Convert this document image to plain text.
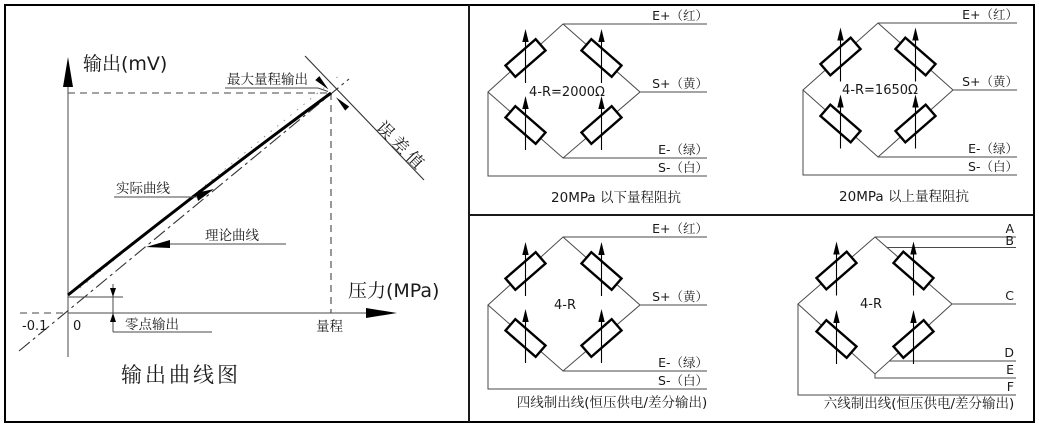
零点输出
实际曲线
理论曲线
最大量程输出
误差值
输出(mV)
压力(MPa)
-0.1 0	量程
输出曲线图
E+（红）
S+（黄）
E-（绿）
S-（白）
4-R=2000Ω
20MPa 以下量程阻抗
E+（红）
S+（黄）
E-（绿）
S-（白）
4-R=1650Ω
20MPa 以上量程阻抗
E+（红）
S+（黄）
E-（绿）
S-（白）
4-R
四线制出线(恒压供电/差分输出)
A
B
C
D
E
F
4-R
六线制出线(恒压供电/差分输出)
